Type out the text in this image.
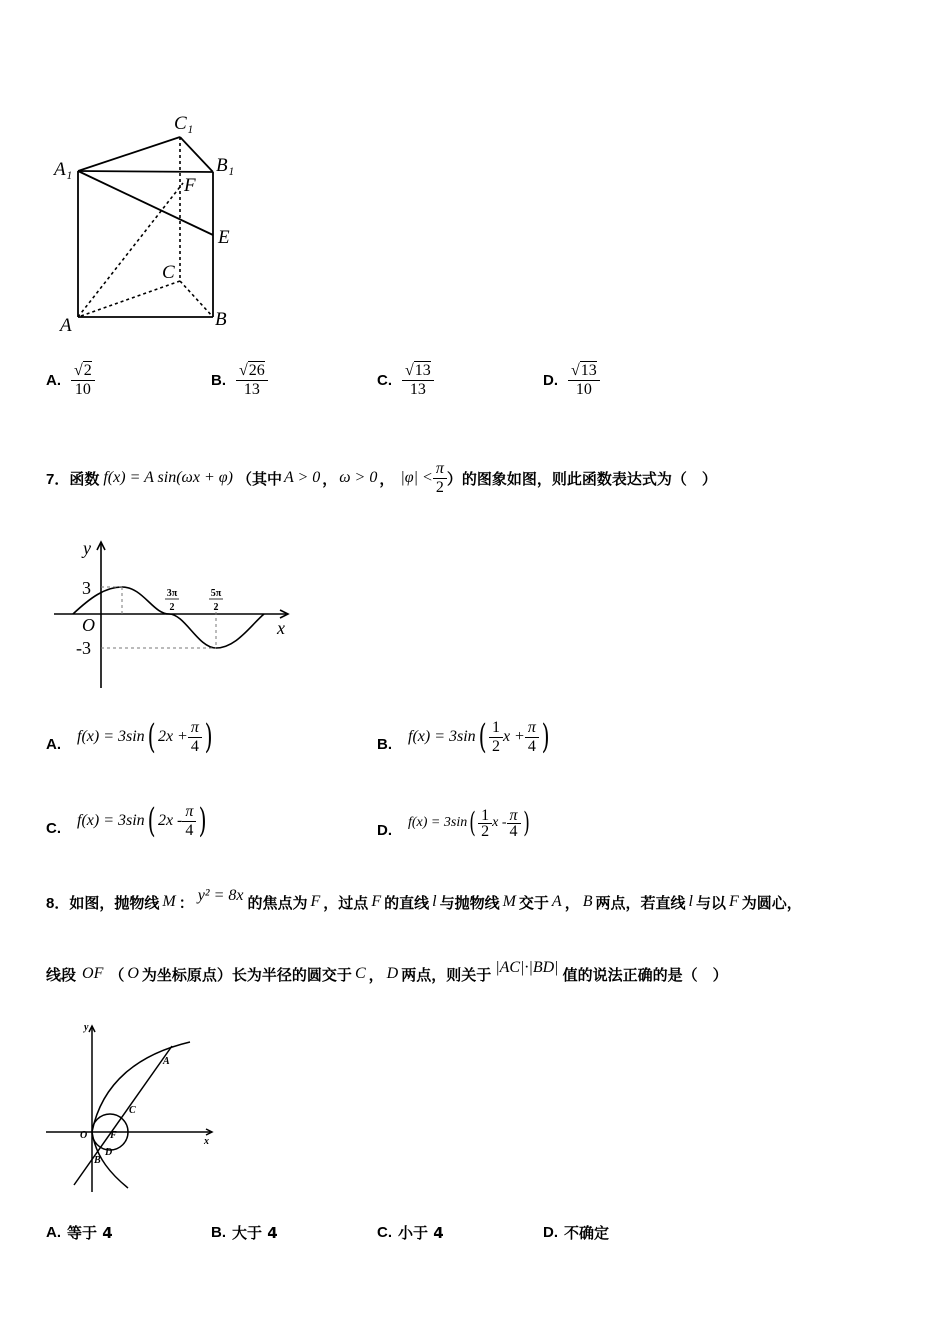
C₁
A₁	B₁
F
E
C
A	B
A. $\frac{√2}{10}$	B. $\frac{√26}{13}$	C. $\frac{√13}{13}$	D. $\frac{√13}{10}$
7． 函数 f(x) = A sin(ωx + φ) （其中 A > 0 ， ω > 0 ， $|\varphi| < \frac{\pi}{2}$ ）的图象如图，则此函数表达式为（　）
y
x
O
3
-3
3π
2
5π
2
A. f(x) = 3sin ( $2x + \frac{\pi}{4}$ )	B. f(x) = 3sin ( $\frac{1}{2}$ $x + \frac{\pi}{4}$ )
C. f(x) = 3sin ( $2x - \frac{\pi}{4}$ )	D. f(x) = 3sin ( $\frac{1}{2}$ x - $\frac{\pi}{4}$ )
8． 如图，抛物线 M ： y² = 8x 的焦点为 F ，过点 F 的直线 l 与抛物线 M 交于 A ， B 两点，若直线 l 与以 F 为圆心，
线段 OF （ O 为坐标原点）长为半径的圆交于 C ， D 两点，则关于 |AC|·|BD| 值的说法正确的是（　）
y
x
O F
A
C
D
B
A. 等于 4	B. 大于 4	C. 小于 4	D. 不确定
